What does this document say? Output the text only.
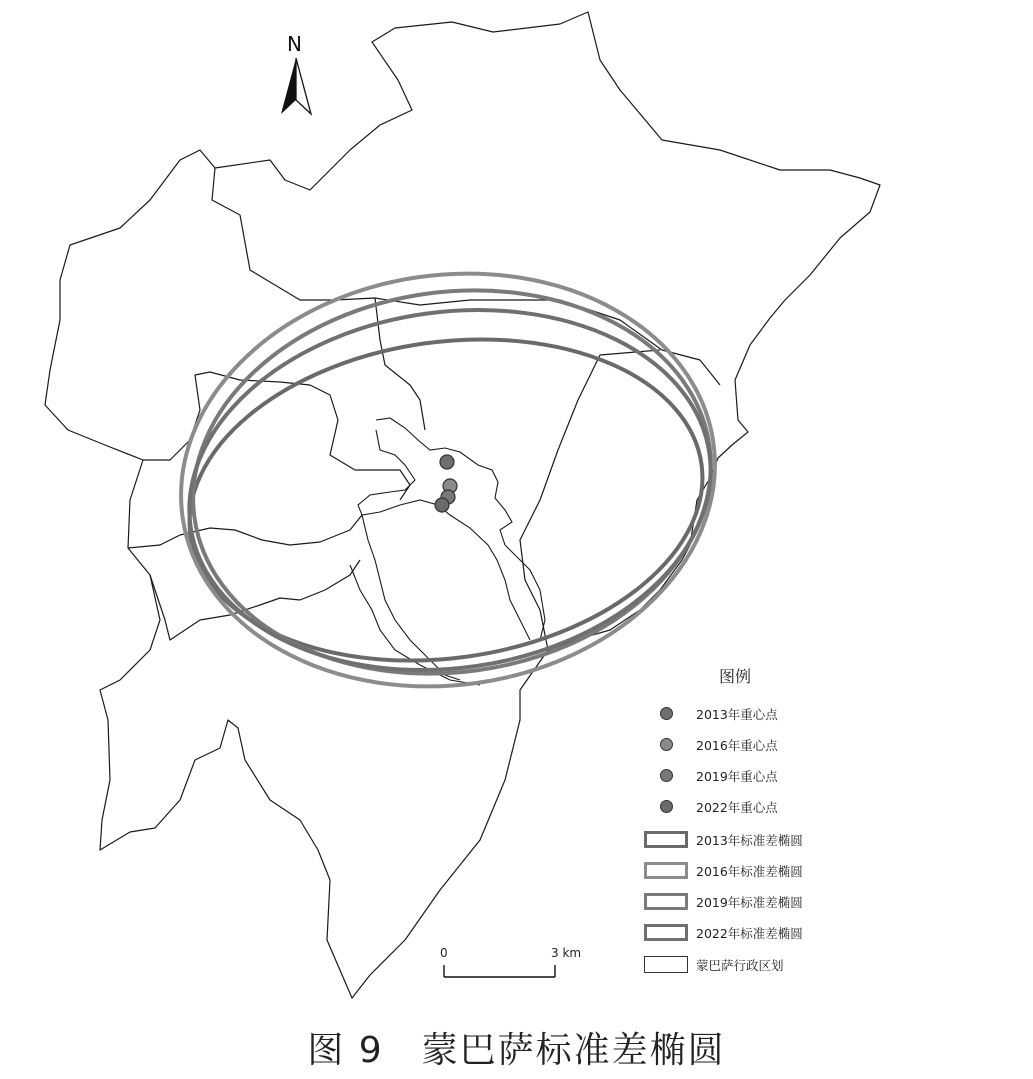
N
0	3 km
图例
2013年重心点
2016年重心点
2019年重心点
2022年重心点
2013年标准差椭圆
2016年标准差椭圆
2019年标准差椭圆
2022年标准差椭圆
蒙巴萨行政区划
图 9　蒙巴萨标准差椭圆
